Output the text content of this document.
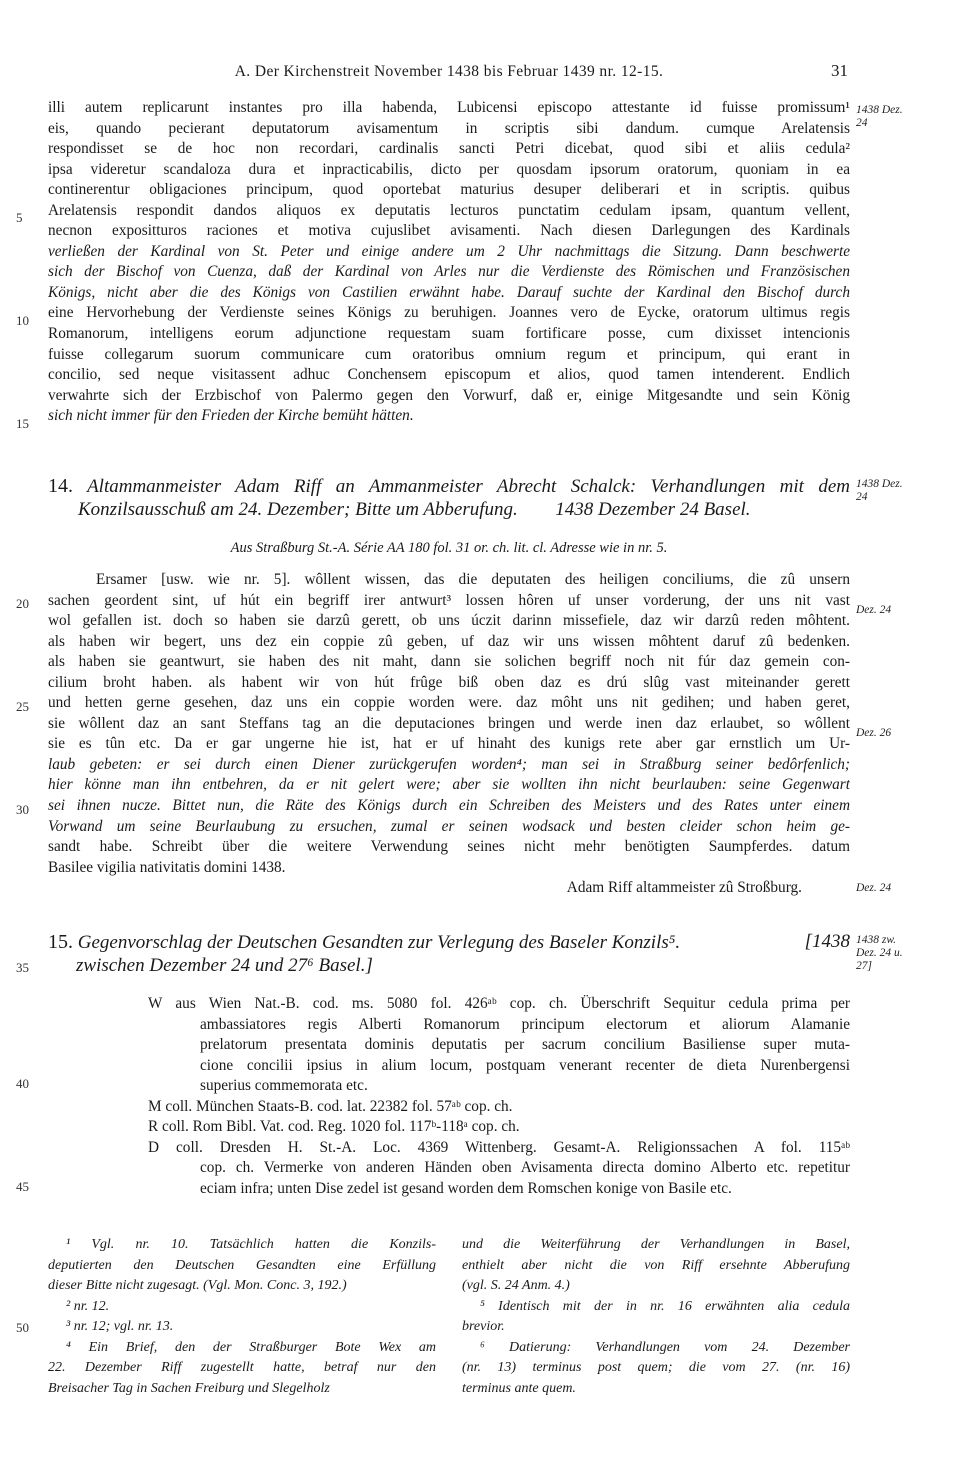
A. Der Kirchenstreit November 1438 bis Februar 1439 nr. 12-15.	31
illi autem replicarunt instantes pro illa habenda, Lubicensi episcopo attestante id fuisse promissum¹
eis, quando pecierant deputatorum avisamentum in scriptis sibi dandum. cumque Arelatensis
respondisset se de hoc non recordari, cardinalis sancti Petri dicebat, quod sibi et aliis cedula²
ipsa videretur scandaloza dura et inpracticabilis, dicto per quosdam ipsorum oratorum, quoniam in ea
continerentur obligaciones principum, quod oportebat maturius desuper deliberari et in scriptis. quibus
Arelatensis respondit dandos aliquos ex deputatis lecturos punctatim cedulam ipsam, quantum vellent,
necnon expositturos raciones et motiva cujuslibet avisamenti. Nach diesen Darlegungen des Kardinals
verließen der Kardinal von St. Peter und einige andere um 2 Uhr nachmittags die Sitzung. Dann beschwerte
sich der Bischof von Cuenza, daß der Kardinal von Arles nur die Verdienste des Römischen und Französischen
Königs, nicht aber die des Königs von Castilien erwähnt habe. Darauf suchte der Kardinal den Bischof durch
eine Hervorhebung der Verdienste seines Königs zu beruhigen. Joannes vero de Eycke, oratorum ultimus regis
Romanorum, intelligens eorum adjunctione requestam suam fortificare posse, cum dixisset intencionis
fuisse collegarum suorum communicare cum oratoribus omnium regum et principum, qui erant in
concilio, sed neque visitassent adhuc Conchensem episcopum et alios, quod tamen intenderent. Endlich
verwahrte sich der Erzbischof von Palermo gegen den Vorwurf, daß er, einige Mitgesandte und sein König
sich nicht immer für den Frieden der Kirche bemüht hätten.
14. Altammanmeister Adam Riff an Ammanmeister Abrecht Schalck: Verhandlungen mit dem
Konzilsausschuß am 24. Dezember; Bitte um Abberufung. 1438 Dezember 24 Basel.
Aus Straßburg St.-A. Série AA 180 fol. 31 or. ch. lit. cl. Adresse wie in nr. 5.
Ersamer [usw. wie nr. 5]. wôllent wissen, das die deputaten des heiligen conciliums, die zû unsern
sachen geordent sint, uf hút ein begriff irer antwurt³ lossen hôren uf unser vorderung, der uns nit vast
wol gefallen ist. doch so haben sie darzû gerett, ob uns úczit darinn missefiele, daz wir darzû reden môhtent.
als haben wir begert, uns dez ein coppie zû geben, uf daz wir uns wissen môhtent daruf zû bedenken.
als haben sie geantwurt, sie haben des nit maht, dann sie solichen begriff noch nit fúr daz gemein con-
cilium broht haben. als habent wir von hút frûge biß oben daz es drú slûg vast miteinander gerett
und hetten gerne gesehen, daz uns ein coppie worden were. daz môht uns nit gedihen; und haben geret,
sie wôllent daz an sant Steffans tag an die deputaciones bringen und werde inen daz erlaubet, so wôllent
sie es tûn etc. Da er gar ungerne hie ist, hat er uf hinaht des kunigs rete aber gar ernstlich um Ur-
laub gebeten: er sei durch einen Diener zurückgerufen worden⁴; man sei in Straßburg seiner bedôrfenlich;
hier könne man ihn entbehren, da er nit gelert were; aber sie wollten ihn nicht beurlauben: seine Gegenwart
sei ihnen nucze. Bittet nun, die Räte des Königs durch ein Schreiben des Meisters und des Rates unter einem
Vorwand um seine Beurlaubung zu ersuchen, zumal er seinen wodsack und besten cleider schon heim ge-
sandt habe. Schreibt über die weitere Verwendung seines nicht mehr benötigten Saumpferdes. datum
Basilee vigilia nativitatis domini 1438.
Adam Riff altammeister zû Stroßburg.
15. Gegenvorschlag der Deutschen Gesandten zur Verlegung des Baseler Konzils⁵.	[1438
zwischen Dezember 24 und 27⁶ Basel.]
W aus Wien Nat.-B. cod. ms. 5080 fol. 426ᵃᵇ cop. ch. Überschrift Sequitur cedula prima per
ambassiatores regis Alberti Romanorum principum electorum et aliorum Alamanie
prelatorum presentata dominis deputatis per sacrum concilium Basiliense super muta-
cione concilii ipsius in alium locum, postquam venerant recenter de dieta Nurenbergensi
superius commemorata etc.
M coll. München Staats-B. cod. lat. 22382 fol. 57ᵃᵇ cop. ch.
R coll. Rom Bibl. Vat. cod. Reg. 1020 fol. 117ᵇ-118ᵃ cop. ch.
D coll. Dresden H. St.-A. Loc. 4369 Wittenberg. Gesamt-A. Religionssachen A fol. 115ᵃᵇ
cop. ch. Vermerke von anderen Händen oben Avisamenta directa domino Alberto etc. repetitur
eciam infra; unten Dise zedel ist gesand worden dem Romschen konige von Basile etc.
¹ Vgl. nr. 10. Tatsächlich hatten die Konzils-
deputierten den Deutschen Gesandten eine Erfüllung
dieser Bitte nicht zugesagt. (Vgl. Mon. Conc. 3, 192.)
² nr. 12.
³ nr. 12; vgl. nr. 13.
⁴ Ein Brief, den der Straßburger Bote Wex am
22. Dezember Riff zugestellt hatte, betraf nur den
Breisacher Tag in Sachen Freiburg und Slegelholz
und die Weiterführung der Verhandlungen in Basel,
enthielt aber nicht die von Riff ersehnte Abberufung
(vgl. S. 24 Anm. 4.)
⁵ Identisch mit der in nr. 16 erwähnten alia cedula
brevior.
⁶ Datierung: Verhandlungen vom 24. Dezember
(nr. 13) terminus post quem; die vom 27. (nr. 16)
terminus ante quem.
5
10
15
20
25
30
35
40
45
50
1438 Dez. 24
1438 Dez. 24
Dez. 24
Dez. 26
Dez. 24
1438 zw. Dez. 24 u. 27]
